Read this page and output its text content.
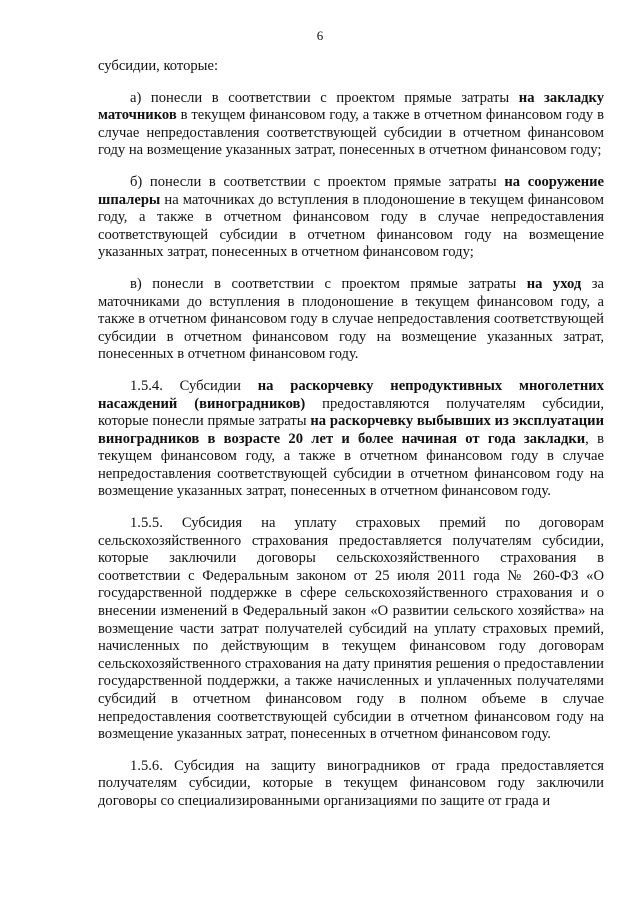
6

субсидии, которые:

а) понесли в соответствии с проектом прямые затраты на закладку маточников в текущем финансовом году, а также в отчетном финансовом году в случае непредоставления соответствующей субсидии в отчетном финансовом году на возмещение указанных затрат, понесенных в отчетном финансовом году;

б) понесли в соответствии с проектом прямые затраты на сооружение шпалеры на маточниках до вступления в плодоношение в текущем финансовом году, а также в отчетном финансовом году в случае непредоставления соответствующей субсидии в отчетном финансовом году на возмещение указанных затрат, понесенных в отчетном финансовом году;

в) понесли в соответствии с проектом прямые затраты на уход за маточниками до вступления в плодоношение в текущем финансовом году, а также в отчетном финансовом году в случае непредоставления соответствующей субсидии в отчетном финансовом году на возмещение указанных затрат, понесенных в отчетном финансовом году.

1.5.4. Субсидии на раскорчевку непродуктивных многолетних насаждений (виноградников) предоставляются получателям субсидии, которые понесли прямые затраты на раскорчевку выбывших из эксплуатации виноградников в возрасте 20 лет и более начиная от года закладки, в текущем финансовом году, а также в отчетном финансовом году в случае непредоставления соответствующей субсидии в отчетном финансовом году на возмещение указанных затрат, понесенных в отчетном финансовом году.

1.5.5. Субсидия на уплату страховых премий по договорам сельскохозяйственного страхования предоставляется получателям субсидии, которые заключили договоры сельскохозяйственного страхования в соответствии с Федеральным законом от 25 июля 2011 года № 260-ФЗ «О государственной поддержке в сфере сельскохозяйственного страхования и о внесении изменений в Федеральный закон «О развитии сельского хозяйства» на возмещение части затрат получателей субсидий на уплату страховых премий, начисленных по действующим в текущем финансовом году договорам сельскохозяйственного страхования на дату принятия решения о предоставлении государственной поддержки, а также начисленных и уплаченных получателями субсидий в отчетном финансовом году в полном объеме в случае непредоставления соответствующей субсидии в отчетном финансовом году на возмещение указанных затрат, понесенных в отчетном финансовом году.

1.5.6. Субсидия на защиту виноградников от града предоставляется получателям субсидии, которые в текущем финансовом году заключили договоры со специализированными организациями по защите от града и
